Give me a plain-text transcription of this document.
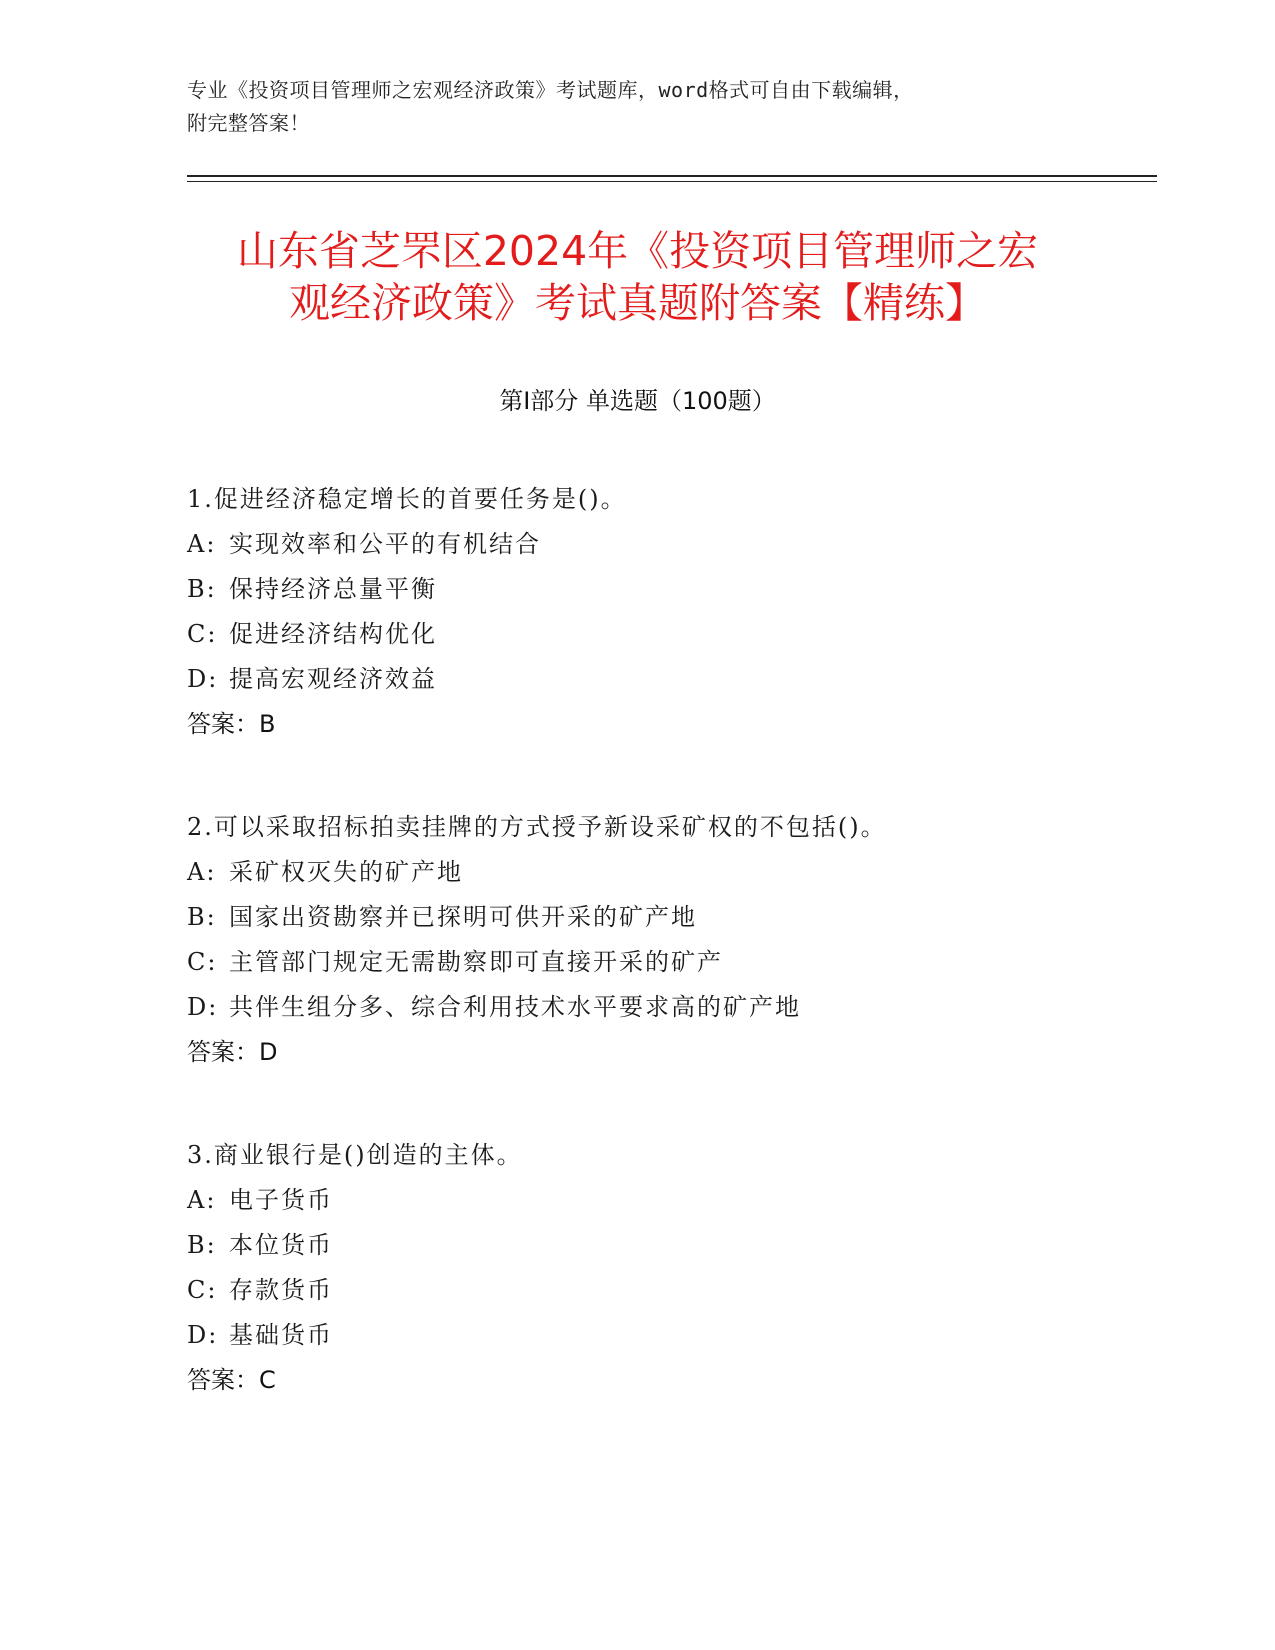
专业《投资项目管理师之宏观经济政策》考试题库，word格式可自由下载编辑，
附完整答案！
山东省芝罘区2024年《投资项目管理师之宏
观经济政策》考试真题附答案【精练】
第Ⅰ部分 单选题（100题）
1.促进经济稳定增长的首要任务是()。
A: 实现效率和公平的有机结合
B: 保持经济总量平衡
C: 促进经济结构优化
D: 提高宏观经济效益
答案：B
2.可以采取招标拍卖挂牌的方式授予新设采矿权的不包括()。
A: 采矿权灭失的矿产地
B: 国家出资勘察并已探明可供开采的矿产地
C: 主管部门规定无需勘察即可直接开采的矿产
D: 共伴生组分多、综合利用技术水平要求高的矿产地
答案：D
3.商业银行是()创造的主体。
A: 电子货币
B: 本位货币
C: 存款货币
D: 基础货币
答案：C
